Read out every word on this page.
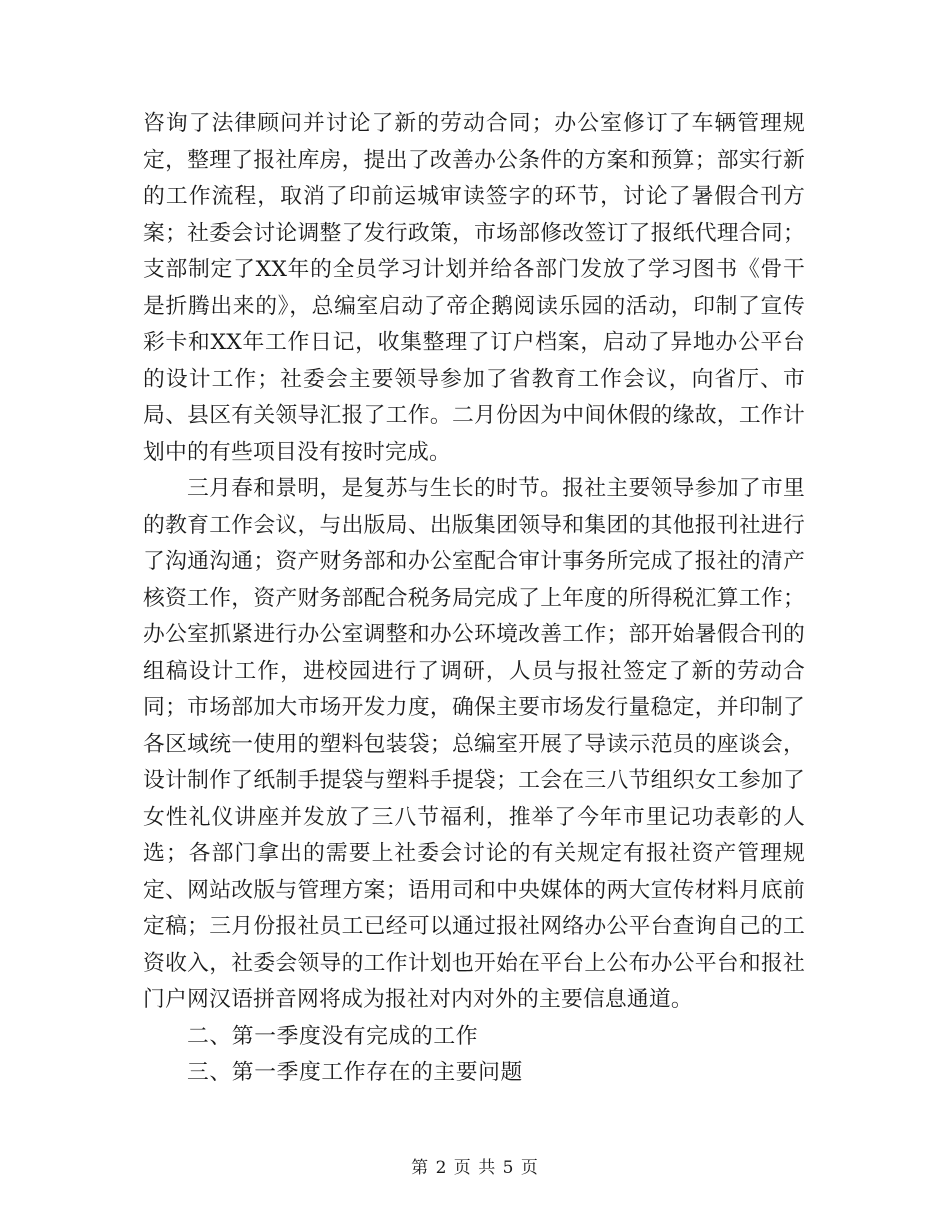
咨询了法律顾问并讨论了新的劳动合同；办公室修订了车辆管理规定，整理了报社库房，提出了改善办公条件的方案和预算；部实行新的工作流程，取消了印前运城审读签字的环节，讨论了暑假合刊方案；社委会讨论调整了发行政策，市场部修改签订了报纸代理合同；支部制定了XX年的全员学习计划并给各部门发放了学习图书《骨干是折腾出来的》，总编室启动了帝企鹅阅读乐园的活动，印制了宣传彩卡和XX年工作日记，收集整理了订户档案，启动了异地办公平台的设计工作；社委会主要领导参加了省教育工作会议，向省厅、市局、县区有关领导汇报了工作。二月份因为中间休假的缘故，工作计划中的有些项目没有按时完成。

三月春和景明，是复苏与生长的时节。报社主要领导参加了市里的教育工作会议，与出版局、出版集团领导和集团的其他报刊社进行了沟通沟通；资产财务部和办公室配合审计事务所完成了报社的清产核资工作，资产财务部配合税务局完成了上年度的所得税汇算工作；办公室抓紧进行办公室调整和办公环境改善工作；部开始暑假合刊的组稿设计工作，进校园进行了调研，人员与报社签定了新的劳动合同；市场部加大市场开发力度，确保主要市场发行量稳定，并印制了各区域统一使用的塑料包装袋；总编室开展了导读示范员的座谈会，设计制作了纸制手提袋与塑料手提袋；工会在三八节组织女工参加了女性礼仪讲座并发放了三八节福利，推举了今年市里记功表彰的人选；各部门拿出的需要上社委会讨论的有关规定有报社资产管理规定、网站改版与管理方案；语用司和中央媒体的两大宣传材料月底前定稿；三月份报社员工已经可以通过报社网络办公平台查询自己的工资收入，社委会领导的工作计划也开始在平台上公布办公平台和报社门户网汉语拼音网将成为报社对内对外的主要信息通道。

二、第一季度没有完成的工作

三、第一季度工作存在的主要问题

第 2 页 共 5 页
